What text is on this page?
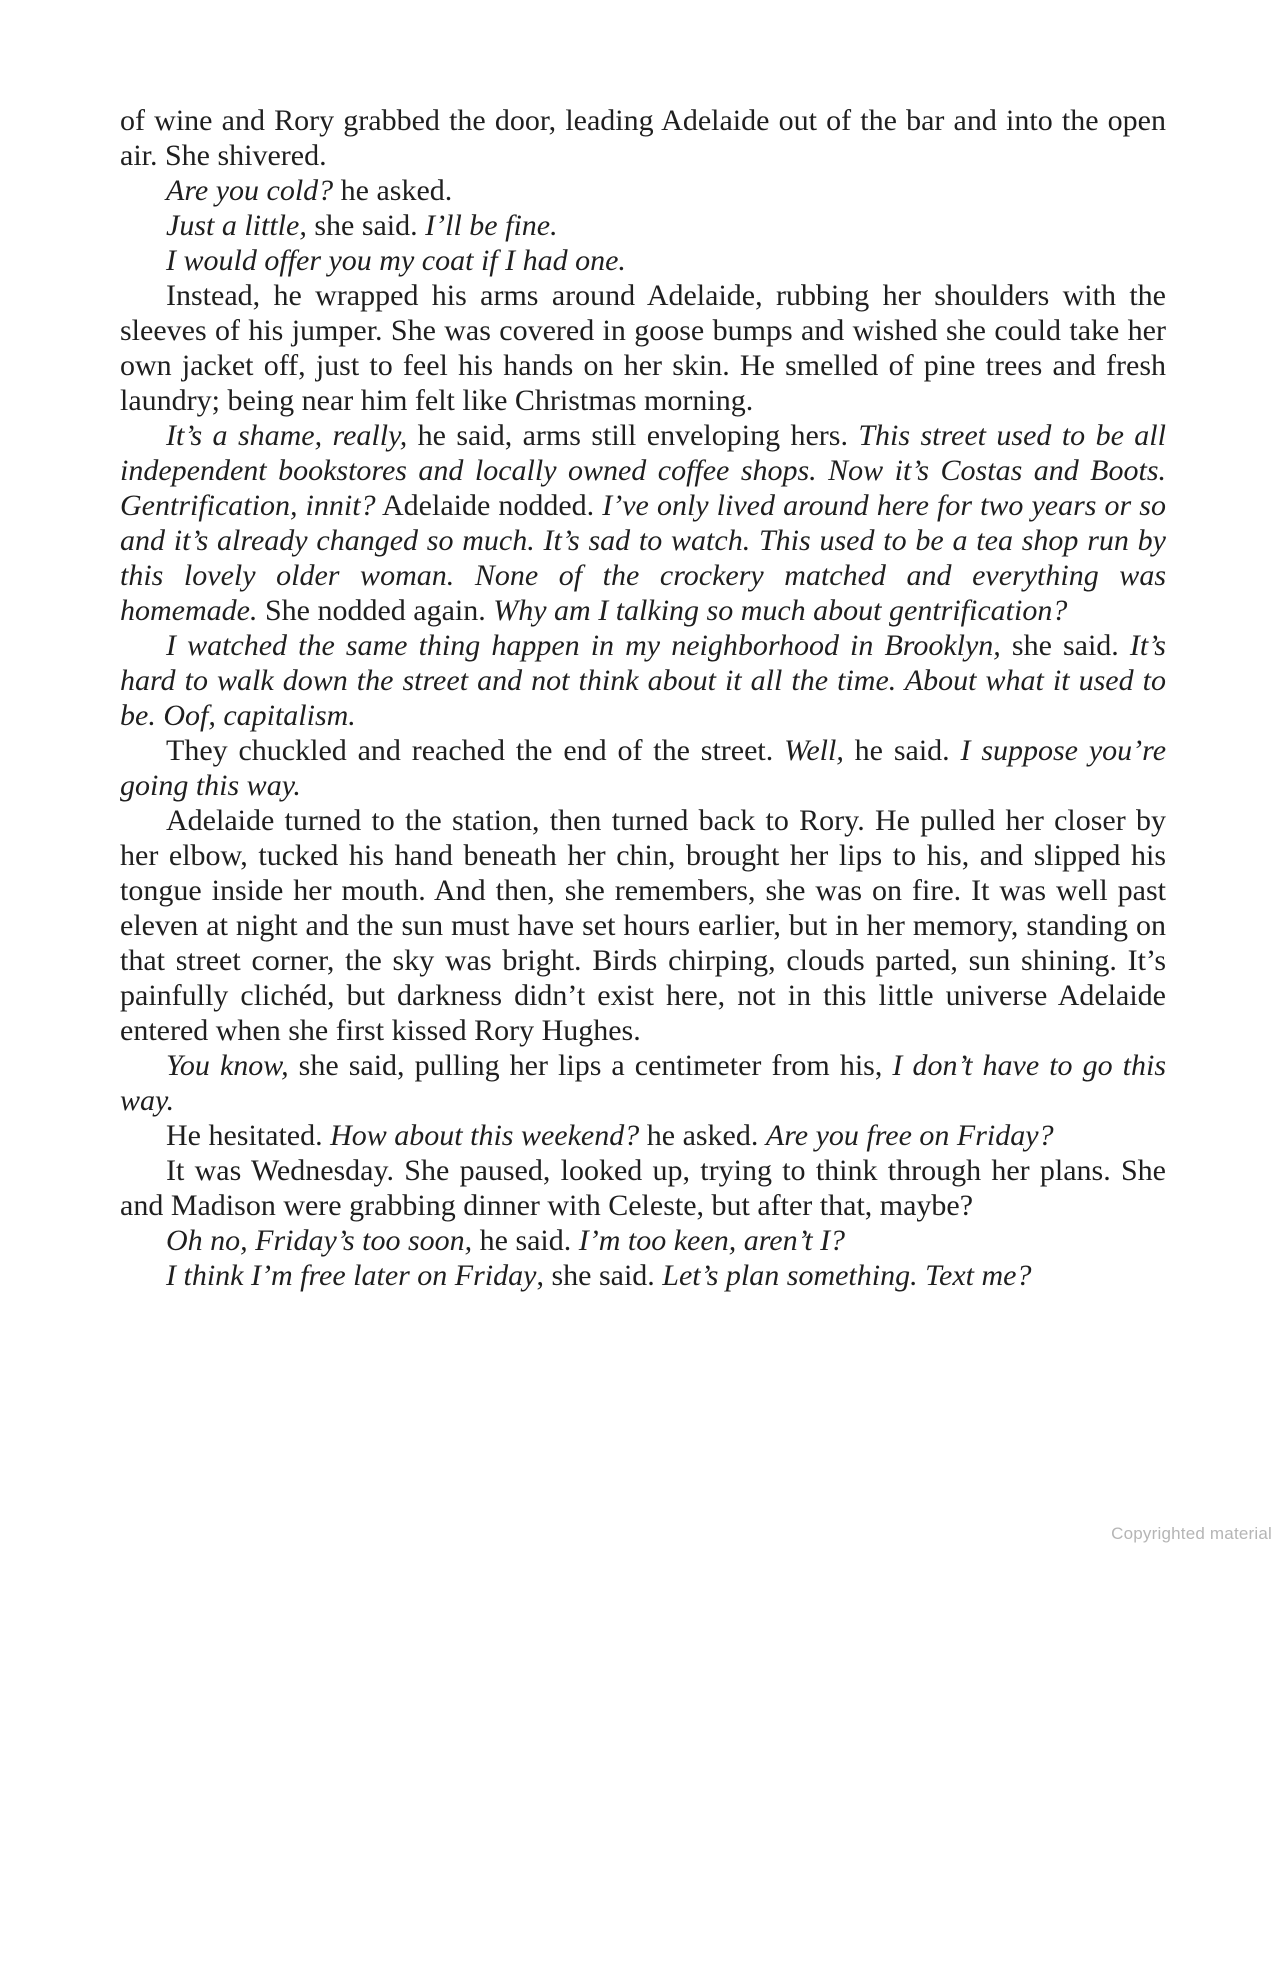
of wine and Rory grabbed the door, leading Adelaide out of the bar and into the open air. She shivered.

Are you cold? he asked.

Just a little, she said. I’ll be fine.

I would offer you my coat if I had one.

Instead, he wrapped his arms around Adelaide, rubbing her shoulders with the sleeves of his jumper. She was covered in goose bumps and wished she could take her own jacket off, just to feel his hands on her skin. He smelled of pine trees and fresh laundry; being near him felt like Christmas morning.

It’s a shame, really, he said, arms still enveloping hers. This street used to be all independent bookstores and locally owned coffee shops. Now it’s Costas and Boots. Gentrification, innit? Adelaide nodded. I’ve only lived around here for two years or so and it’s already changed so much. It’s sad to watch. This used to be a tea shop run by this lovely older woman. None of the crockery matched and everything was homemade. She nodded again. Why am I talking so much about gentrification?

I watched the same thing happen in my neighborhood in Brooklyn, she said. It’s hard to walk down the street and not think about it all the time. About what it used to be. Oof, capitalism.

They chuckled and reached the end of the street. Well, he said. I suppose you’re going this way.

Adelaide turned to the station, then turned back to Rory. He pulled her closer by her elbow, tucked his hand beneath her chin, brought her lips to his, and slipped his tongue inside her mouth. And then, she remembers, she was on fire. It was well past eleven at night and the sun must have set hours earlier, but in her memory, standing on that street corner, the sky was bright. Birds chirping, clouds parted, sun shining. It’s painfully clichéd, but darkness didn’t exist here, not in this little universe Adelaide entered when she first kissed Rory Hughes.

You know, she said, pulling her lips a centimeter from his, I don’t have to go this way.

He hesitated. How about this weekend? he asked. Are you free on Friday?

It was Wednesday. She paused, looked up, trying to think through her plans. She and Madison were grabbing dinner with Celeste, but after that, maybe?

Oh no, Friday’s too soon, he said. I’m too keen, aren’t I?

I think I’m free later on Friday, she said. Let’s plan something. Text me?

Copyrighted material
